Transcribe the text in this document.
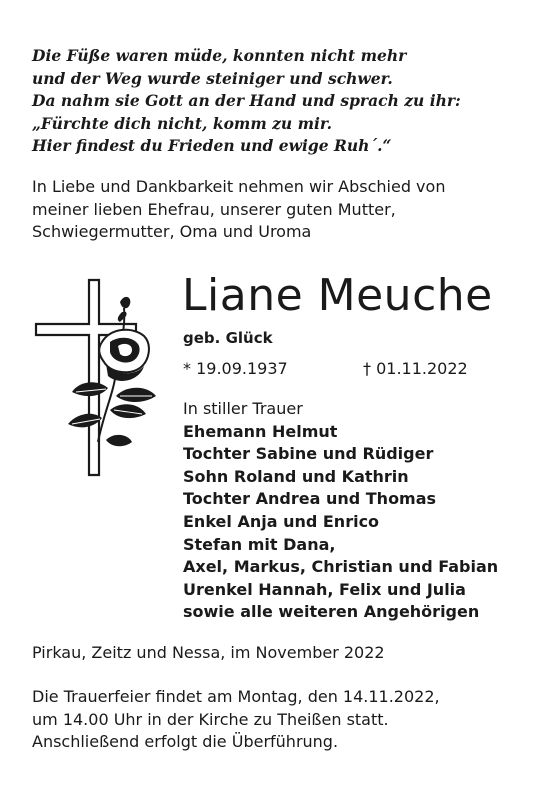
Die Füße waren müde, konnten nicht mehr
und der Weg wurde steiniger und schwer.
Da nahm sie Gott an der Hand und sprach zu ihr:
„Fürchte dich nicht, komm zu mir.
Hier findest du Frieden und ewige Ruh´.“
In Liebe und Dankbarkeit nehmen wir Abschied von
meiner lieben Ehefrau, unserer guten Mutter,
Schwiegermutter, Oma und Uroma
Liane Meuche
geb. Glück
* 19.09.1937	† 01.11.2022
In stiller Trauer
Ehemann Helmut
Tochter Sabine und Rüdiger
Sohn Roland und Kathrin
Tochter Andrea und Thomas
Enkel Anja und Enrico
Stefan mit Dana,
Axel, Markus, Christian und Fabian
Urenkel Hannah, Felix und Julia
sowie alle weiteren Angehörigen
Pirkau, Zeitz und Nessa, im November 2022
Die Trauerfeier findet am Montag, den 14.11.2022,
um 14.00 Uhr in der Kirche zu Theißen statt.
Anschließend erfolgt die Überführung.
